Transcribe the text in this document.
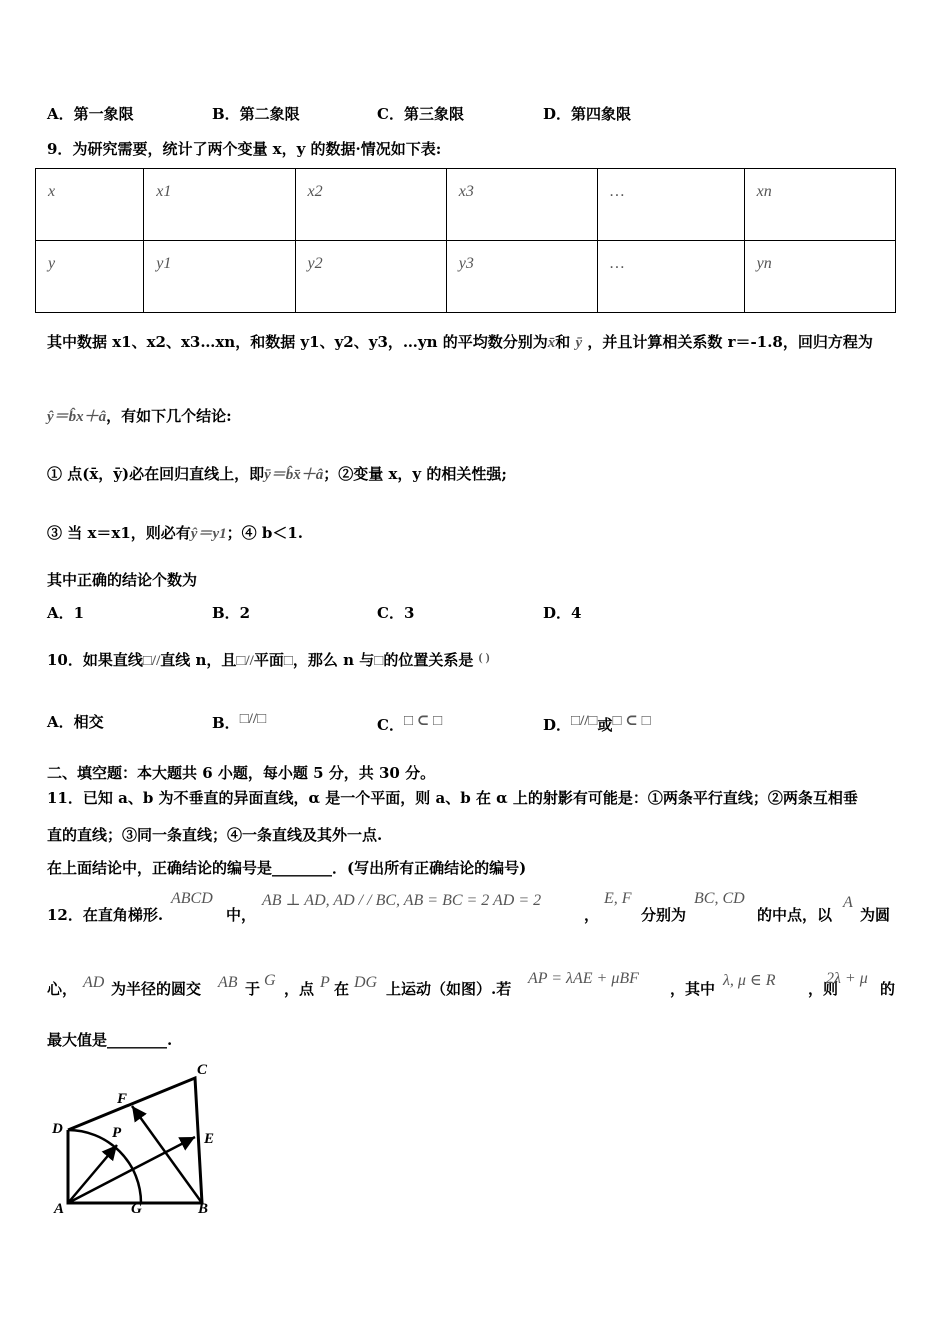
A．第一象限	B．第二象限	C．第三象限	D．第四象限
9．为研究需要，统计了两个变量 x，y 的数据·情况如下表:
x	x1	x2	x3	…	xn

y	y1	y2	y3	…	yn
其中数据 x1、x2、x3…xn，和数据 y1、y2、y3，…yn 的平均数分别为x̄和 ȳ ，并且计算相关系数 r＝-1.8，回归方程为
ŷ＝b̂x＋â，有如下几个结论:
① 点(x̄，ȳ)必在回归直线上，即ȳ＝b̂x̄＋â；②变量 x，y 的相关性强;
③ 当 x＝x1，则必有ŷ＝y1；④ b＜1.
其中正确的结论个数为
A．1	B．2	C．3	D．4
10．如果直线□//直线 n，且□//平面□，那么 n 与□的位置关系是 ( )
A．相交	B．□//□	C．□ ⊂ □	D．□//□或□ ⊂ □
二、填空题：本大题共 6 小题，每小题 5 分，共 30 分。
11．已知 a、b 为不垂直的异面直线，α 是一个平面，则 a、b 在 α 上的射影有可能是：①两条平行直线；②两条互相垂
直的直线；③同一条直线；④一条直线及其外一点.
在上面结论中，正确结论的编号是________．(写出所有正确结论的编号)
12．在直角梯形.
ABCD
中，
AB ⊥ AD, AD / / BC, AB = BC = 2 AD = 2
，
E, F
分别为
BC, CD
的中点，以
A
为圆
心， AD 为半径的圆交 AB 于 G ，点 P 在 DG 上运动（如图）.若
AP = λAE + μBF
，其中 λ, μ ∈ R ，则
2λ + μ
的
最大值是________.
C
F
D	P	E
A	G	B
